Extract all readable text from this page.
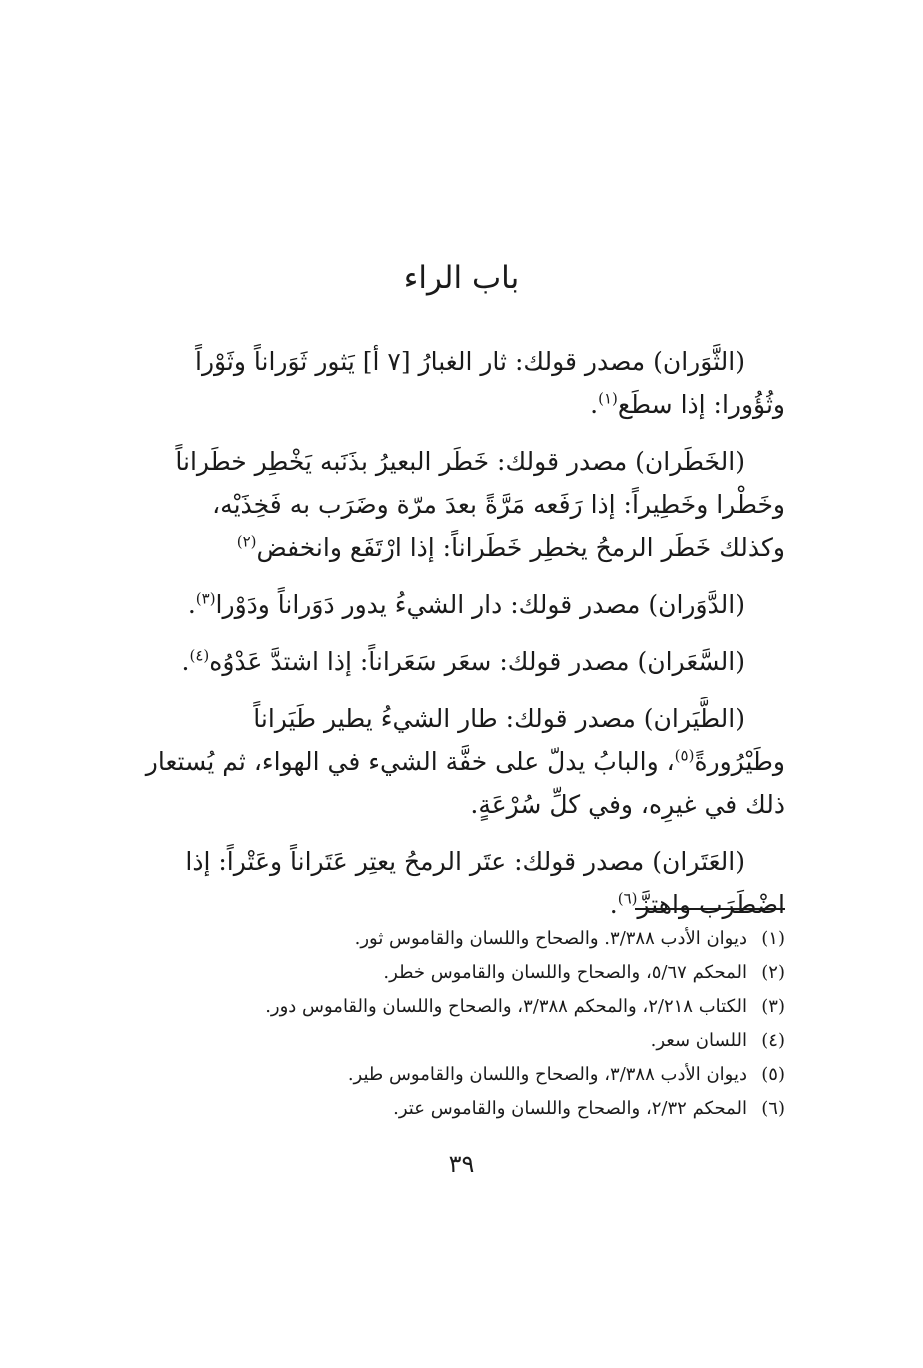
باب الراء
(الثَّوَران) مصدر قولك: ثار الغبارُ [٧ أ] يَثور ثَوَراناً وثَوْراً
وثُؤُورا: إذا سطَع$^{(١)}$.
(الخَطَران) مصدر قولك: خَطَر البعيرُ بذَنَبه يَخْطِر خطَراناً
وخَطْرا وخَطِيراً: إذا رَفَعه مَرَّةً بعدَ مرّة وضَرَب به فَخِذَيْه،
وكذلك خَطَر الرمحُ يخطِر خَطَراناً: إذا ارْتَفَع وانخفض$^{(٢)}$
(الدَّوَران) مصدر قولك: دار الشيءُ يدور دَوَراناً ودَوْرا$^{(٣)}$.
(السَّعَران) مصدر قولك: سعَر سَعَراناً: إذا اشتدَّ عَدْوُه$^{(٤)}$.
(الطَّيَران) مصدر قولك: طار الشيءُ يطير طَيَراناً
وطَيْرُورةً$^{(٥)}$، والبابُ يدلّ على خفَّة الشيء في الهواء، ثم يُستعار
ذلك في غيرِه، وفي كلِّ سُرْعَةٍ.
(العَتَران) مصدر قولك: عتَر الرمحُ يعتِر عَتَراناً وعَتْراً: إذا
اضْطَرَب واهتزَّ$^{(٦)}$.
(١)ديوان الأدب ٣/٣٨٨. والصحاح واللسان والقاموس ثور.
(٢)المحكم ٥/٦٧، والصحاح واللسان والقاموس خطر.
(٣)الكتاب ٢/٢١٨، والمحكم ٣/٣٨٨، والصحاح واللسان والقاموس دور.
(٤)اللسان سعر.
(٥)ديوان الأدب ٣/٣٨٨، والصحاح واللسان والقاموس طير.
(٦)المحكم ٢/٣٢، والصحاح واللسان والقاموس عتر.
٣٩
